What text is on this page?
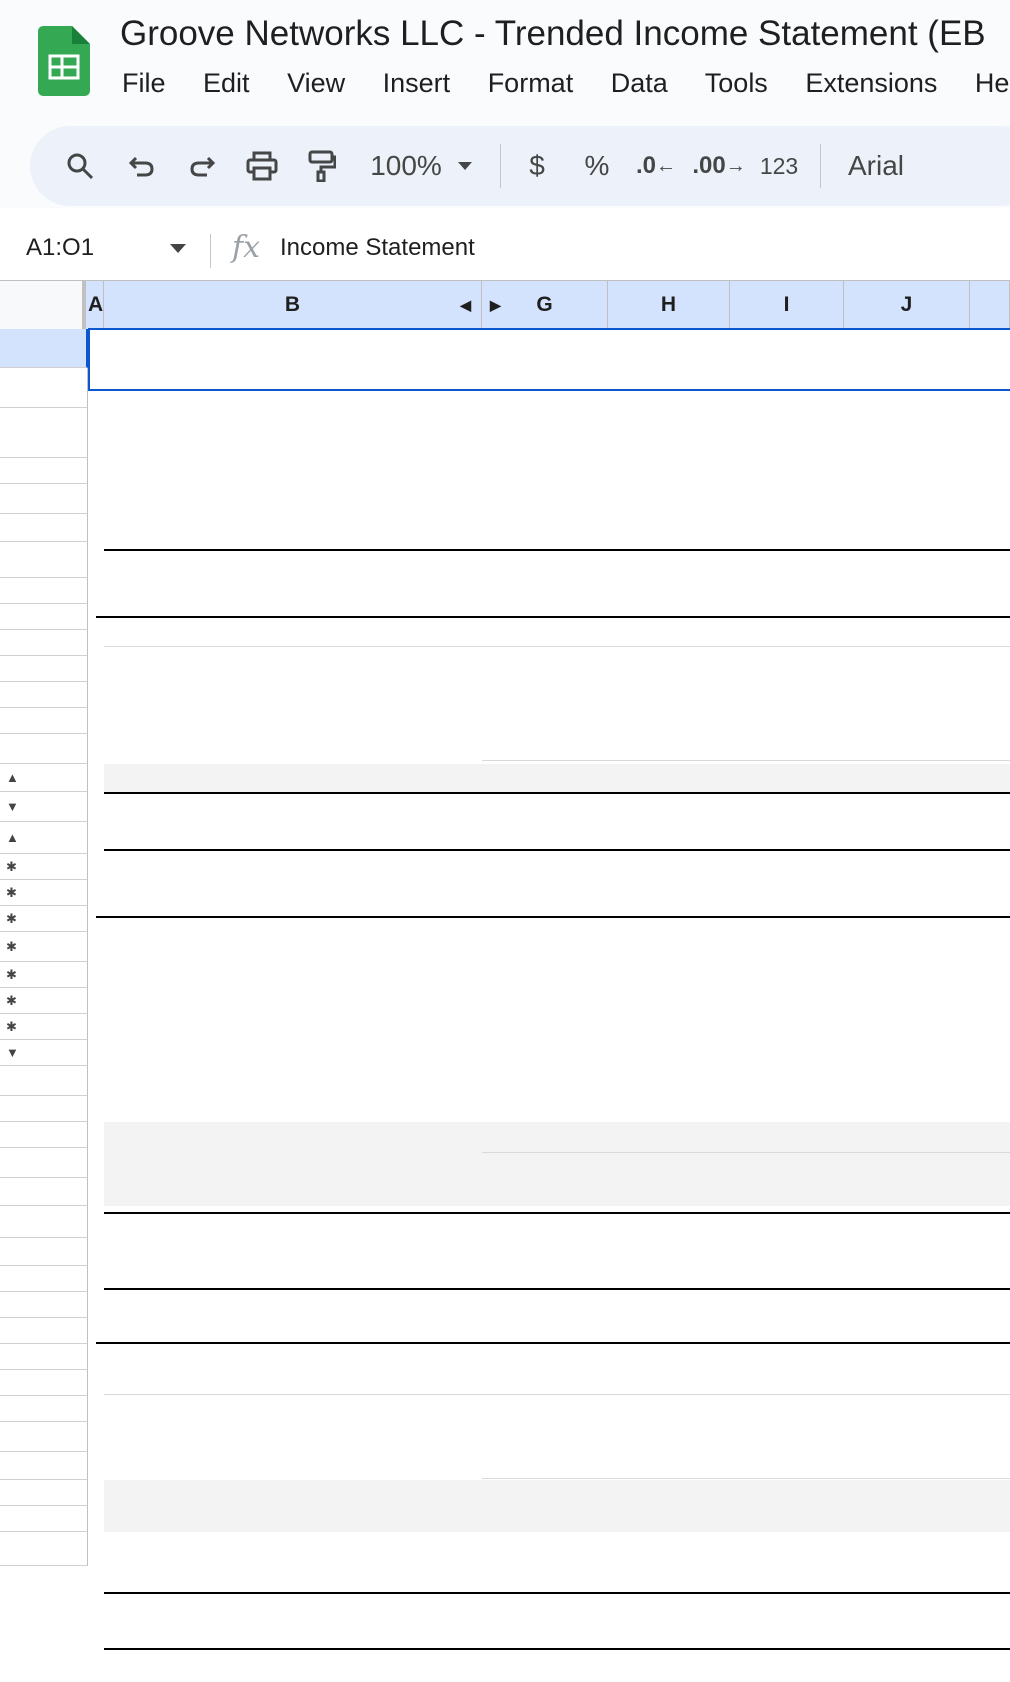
Groove Networks LLC - Trended Income Statement (EB
File Edit View Insert Format Data Tools Extensions He
100%	$	% .0 ← .00 → 123	Arial
A1:O1	fx Income Statement
A	B	◀ ▶ G	H	I	J
▲
▼
▲
✱
✱
✱
✱
✱
✱
✱
▼
